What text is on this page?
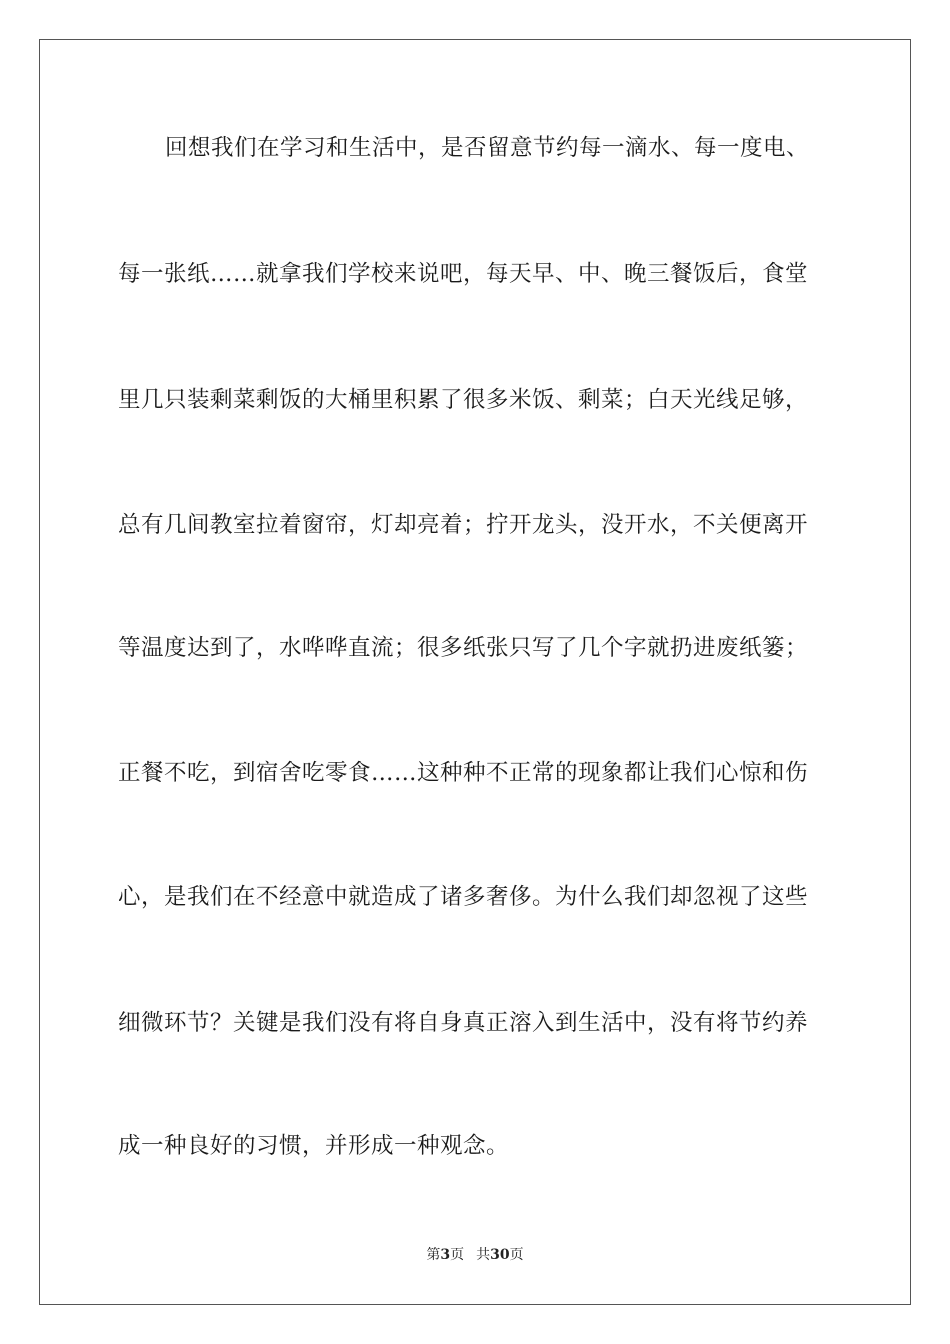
回想我们在学习和生活中，是否留意节约每一滴水、每一度电、
每一张纸……就拿我们学校来说吧，每天早、中、晚三餐饭后，食堂
里几只装剩菜剩饭的大桶里积累了很多米饭、剩菜；白天光线足够，
总有几间教室拉着窗帘，灯却亮着；拧开龙头，没开水，不关便离开
等温度达到了，水哗哗直流；很多纸张只写了几个字就扔进废纸篓；
正餐不吃，到宿舍吃零食……这种种不正常的现象都让我们心惊和伤
心，是我们在不经意中就造成了诸多奢侈。为什么我们却忽视了这些
细微环节？关键是我们没有将自身真正溶入到生活中，没有将节约养
成一种良好的习惯，并形成一种观念。
第3页 共30页
